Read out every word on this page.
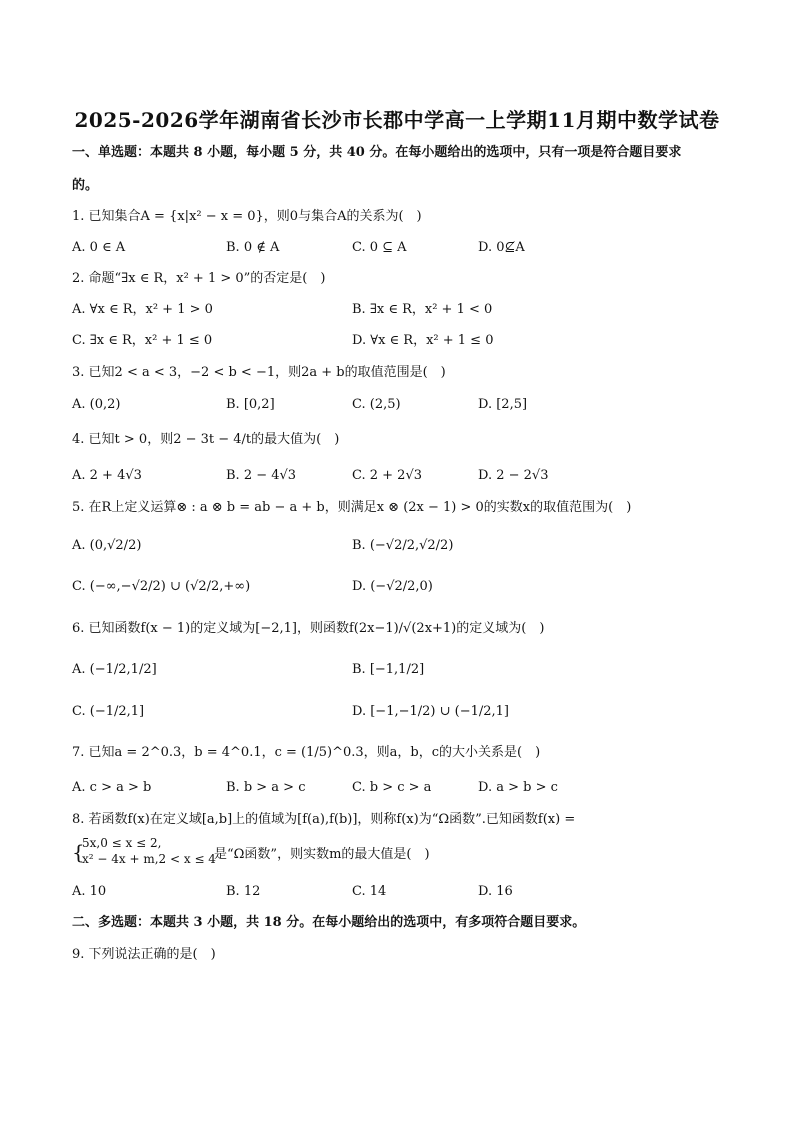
2025-2026学年湖南省长沙市长郡中学高一上学期11月期中数学试卷
一、单选题：本题共 8 小题，每小题 5 分，共 40 分。在每小题给出的选项中，只有一项是符合题目要求
的。
1. 已知集合A = {x|x² − x = 0}，则0与集合A的关系为(　)
A. 0 ∈ A	B. 0 ∉ A	C. 0 ⊆ A	D. 0⊈A
2. 命题“∃x ∈ R，x² + 1 > 0”的否定是(　)
A. ∀x ∈ R，x² + 1 > 0	B. ∃x ∈ R，x² + 1 < 0
C. ∃x ∈ R，x² + 1 ≤ 0	D. ∀x ∈ R，x² + 1 ≤ 0
3. 已知2 < a < 3，−2 < b < −1，则2a + b的取值范围是(　)
A. (0,2)	B. [0,2]	C. (2,5)	D. [2,5]
4. 已知t > 0，则2 − 3t − 4/t的最大值为(　)
A. 2 + 4√3	B. 2 − 4√3	C. 2 + 2√3	D. 2 − 2√3
5. 在R上定义运算⊗ : a ⊗ b = ab − a + b，则满足x ⊗ (2x − 1) > 0的实数x的取值范围为(　)
A. (0,√2/2)	B. (−√2/2,√2/2)
C. (−∞,−√2/2) ∪ (√2/2,+∞)	D. (−√2/2,0)
6. 已知函数f(x − 1)的定义域为[−2,1]，则函数f(2x−1)/√(2x+1)的定义域为(　)
A. (−1/2,1/2]	B. [−1,1/2]
C. (−1/2,1]	D. [−1,−1/2) ∪ (−1/2,1]
7. 已知a = 2^0.3，b = 4^0.1，c = (1/5)^0.3，则a，b，c的大小关系是(　)
A. c > a > b	B. b > a > c	C. b > c > a	D. a > b > c
8. 若函数f(x)在定义域[a,b]上的值域为[f(a),f(b)]，则称f(x)为“Ω函数”.已知函数f(x) =
{
5x,0 ≤ x ≤ 2,
x² − 4x + m,2 < x ≤ 4
是“Ω函数”，则实数m的最大值是(　)
A. 10	B. 12	C. 14	D. 16
二、多选题：本题共 3 小题，共 18 分。在每小题给出的选项中，有多项符合题目要求。
9. 下列说法正确的是(　)
